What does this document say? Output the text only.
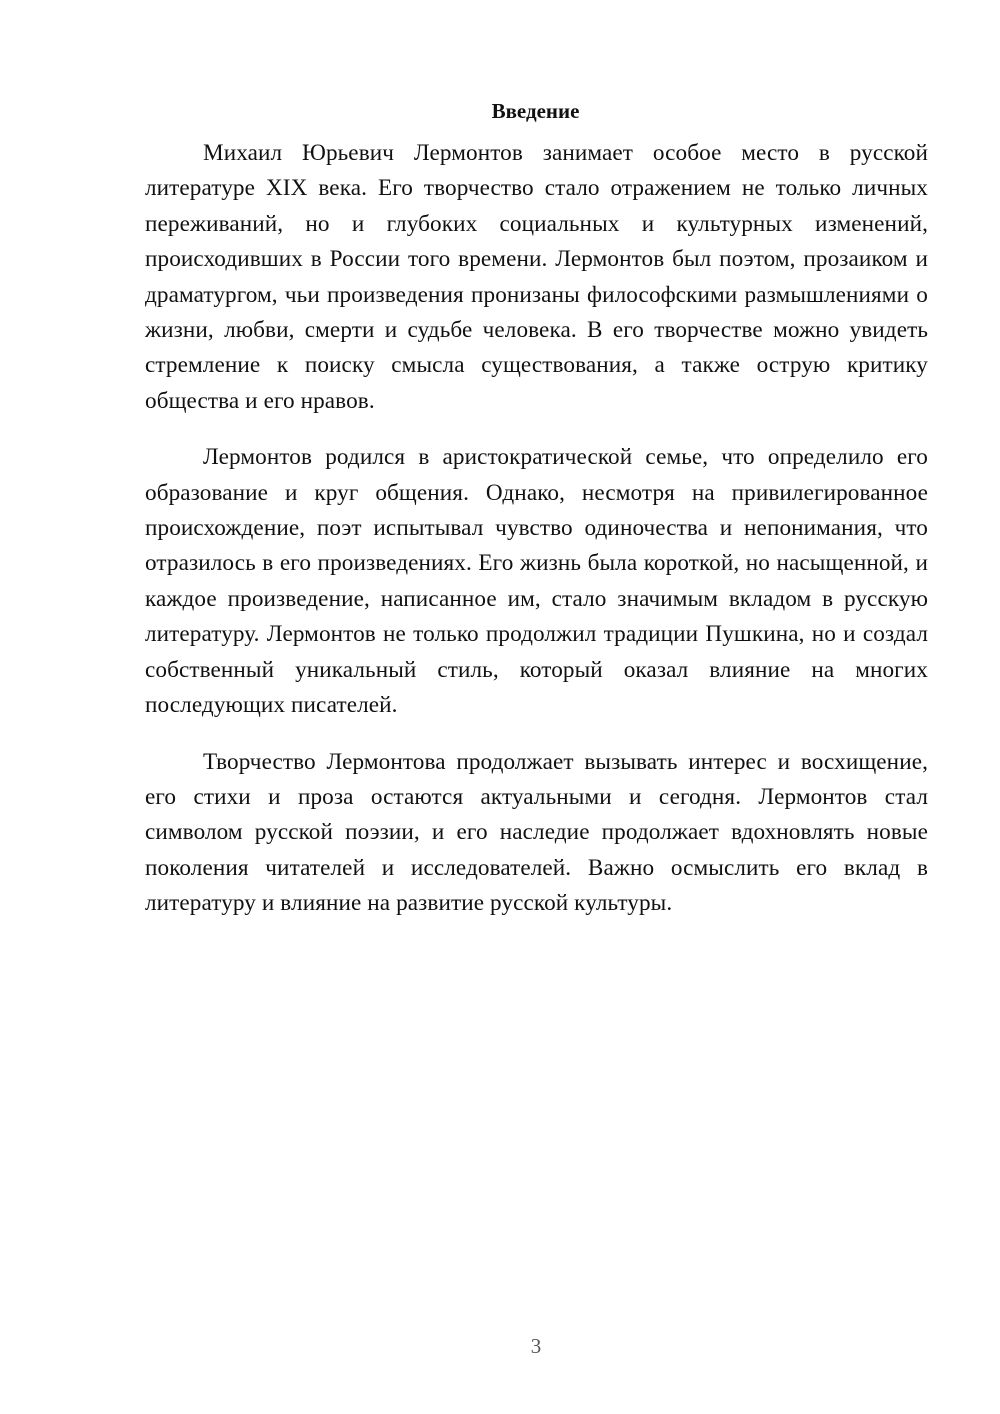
Введение

Михаил Юрьевич Лермонтов занимает особое место в русской литературе XIX века. Его творчество стало отражением не только личных переживаний, но и глубоких социальных и культурных изменений, происходивших в России того времени. Лермонтов был поэтом, прозаиком и драматургом, чьи произведения пронизаны философскими размышлениями о жизни, любви, смерти и судьбе человека. В его творчестве можно увидеть стремление к поиску смысла существования, а также острую критику общества и его нравов.

Лермонтов родился в аристократической семье, что определило его образование и круг общения. Однако, несмотря на привилегированное происхождение, поэт испытывал чувство одиночества и непонимания, что отразилось в его произведениях. Его жизнь была короткой, но насыщенной, и каждое произведение, написанное им, стало значимым вкладом в русскую литературу. Лермонтов не только продолжил традиции Пушкина, но и создал собственный уникальный стиль, который оказал влияние на многих последующих писателей.

Творчество Лермонтова продолжает вызывать интерес и восхищение, его стихи и проза остаются актуальными и сегодня. Лермонтов стал символом русской поэзии, и его наследие продолжает вдохновлять новые поколения читателей и исследователей. Важно осмыслить его вклад в литературу и влияние на развитие русской культуры.

3
